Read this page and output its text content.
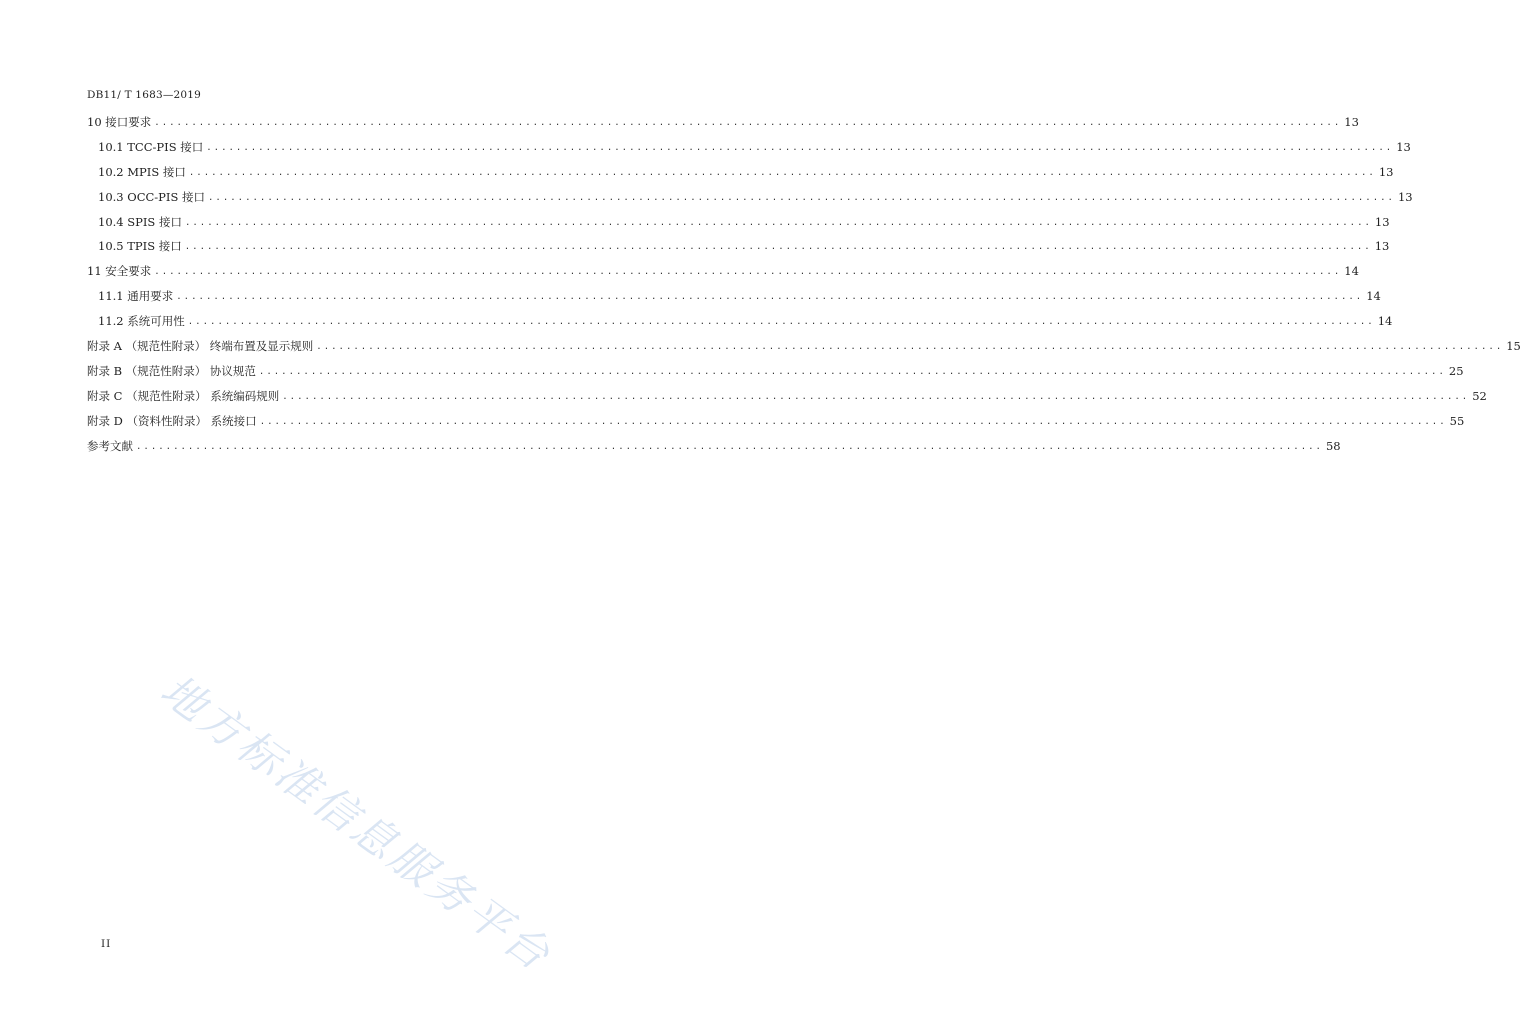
DB11/ T 1683—2019
10 接口要求 ................................................................................................................................................................ 13
10.1 TCC-PIS 接口 ................................................................................................................................................................ 13
10.2 MPIS 接口 ................................................................................................................................................................ 13
10.3 OCC-PIS 接口 ................................................................................................................................................................ 13
10.4 SPIS 接口 ................................................................................................................................................................ 13
10.5 TPIS 接口 ................................................................................................................................................................ 13
11 安全要求 ................................................................................................................................................................ 14
11.1 通用要求 ................................................................................................................................................................ 14
11.2 系统可用性 ................................................................................................................................................................ 14
附录 A （规范性附录） 终端布置及显示规则 ................................................................................................................................................................ 15
附录 B （规范性附录） 协议规范 ................................................................................................................................................................ 25
附录 C （规范性附录） 系统编码规则 ................................................................................................................................................................ 52
附录 D （资料性附录） 系统接口 ................................................................................................................................................................ 55
参考文献 ................................................................................................................................................................ 58
地方标准信息服务平台
II
